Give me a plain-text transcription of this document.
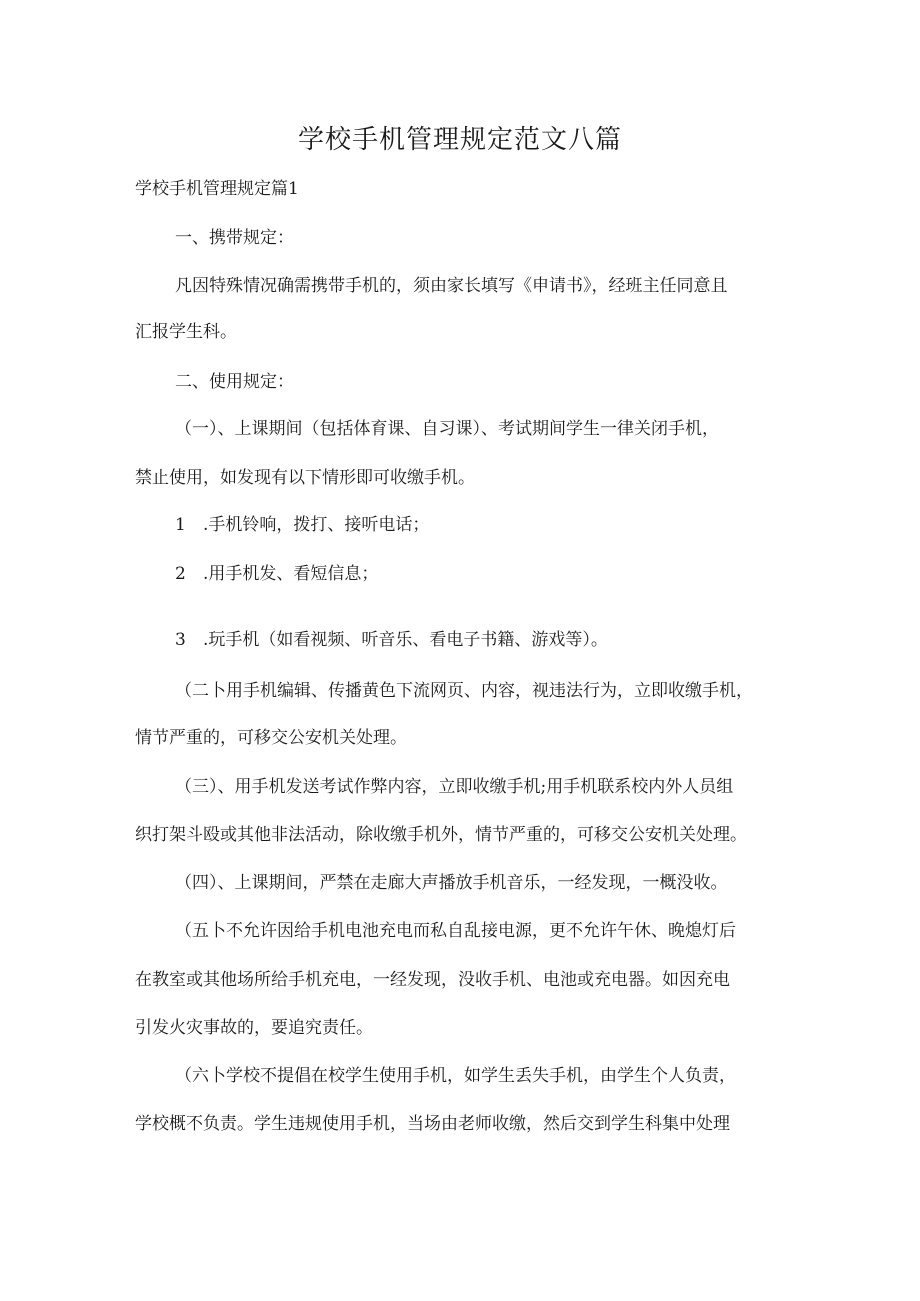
学校手机管理规定范文八篇
学校手机管理规定篇1
一、携带规定：
凡因特殊情况确需携带手机的，须由家长填写《申请书》，经班主任同意且
汇报学生科。
二、使用规定：
（一）、上课期间（包括体育课、自习课）、考试期间学生一律关闭手机，
禁止使用，如发现有以下情形即可收缴手机。
1 .手机铃响，拨打、接听电话；
2 .用手机发、看短信息；
3 .玩手机（如看视频、听音乐、看电子书籍、游戏等）。
（二卜用手机编辑、传播黄色下流网页、内容，视违法行为，立即收缴手机，
情节严重的，可移交公安机关处理。
（三）、用手机发送考试作弊内容，立即收缴手机;用手机联系校内外人员组
织打架斗殴或其他非法活动，除收缴手机外，情节严重的，可移交公安机关处理。
（四）、上课期间，严禁在走廊大声播放手机音乐，一经发现，一概没收。
（五卜不允许因给手机电池充电而私自乱接电源，更不允许午休、晚熄灯后
在教室或其他场所给手机充电，一经发现，没收手机、电池或充电器。如因充电
引发火灾事故的，要追究责任。
（六卜学校不提倡在校学生使用手机，如学生丢失手机，由学生个人负责，
学校概不负责。学生违规使用手机，当场由老师收缴，然后交到学生科集中处理
